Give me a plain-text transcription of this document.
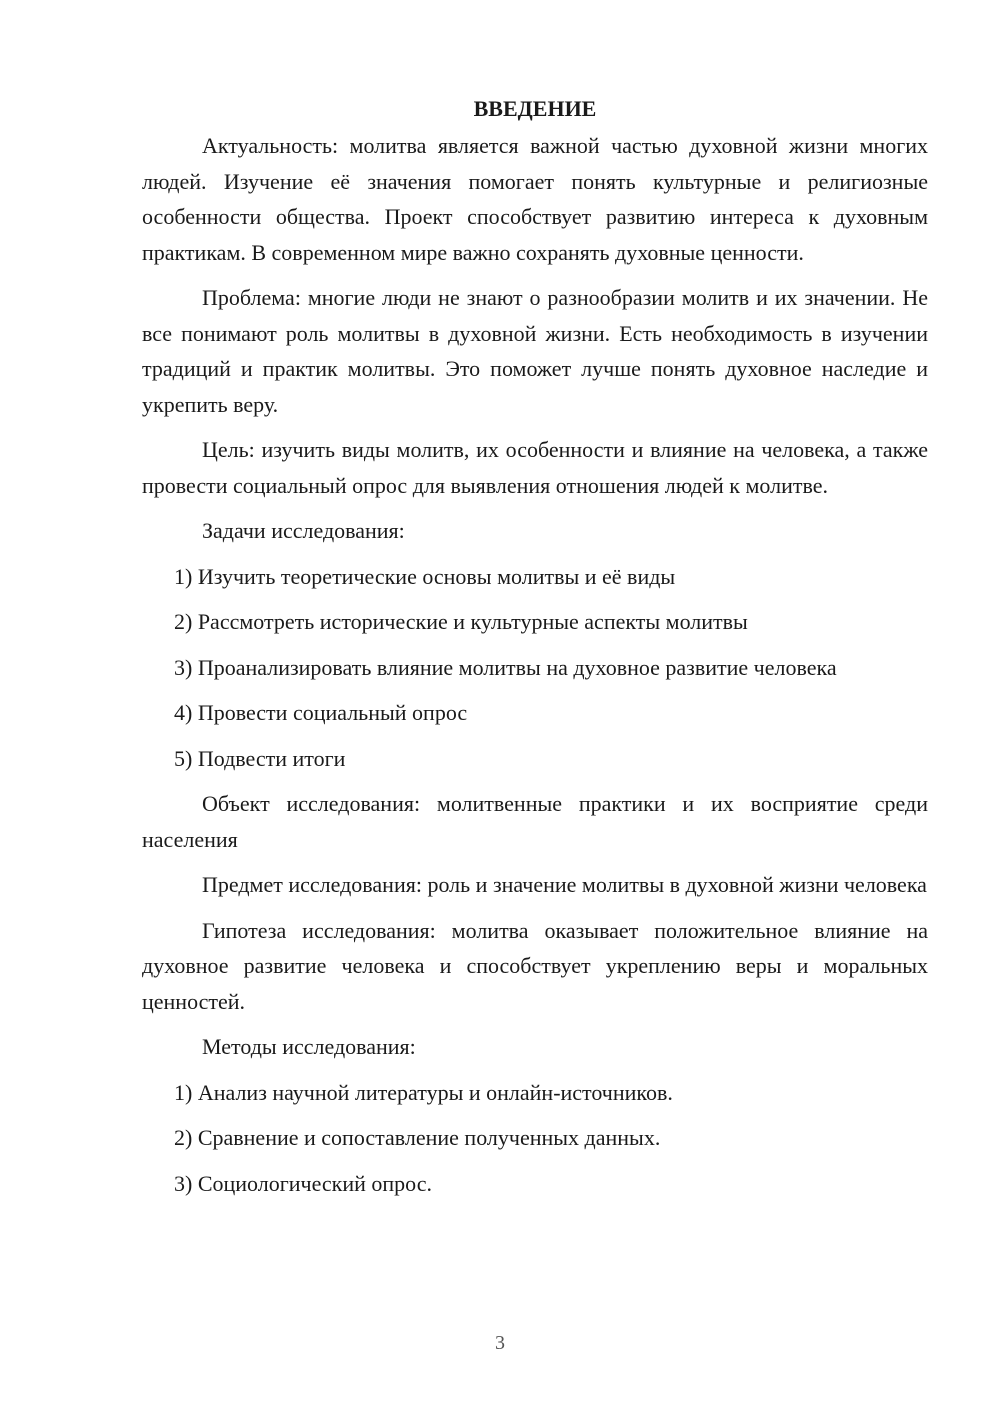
ВВЕДЕНИЕ

Актуальность: молитва является важной частью духовной жизни многих людей. Изучение её значения помогает понять культурные и религиозные особенности общества. Проект способствует развитию интереса к духовным практикам. В современном мире важно сохранять духовные ценности.

Проблема: многие люди не знают о разнообразии молитв и их значении. Не все понимают роль молитвы в духовной жизни. Есть необходимость в изучении традиций и практик молитвы. Это поможет лучше понять духовное наследие и укрепить веру.

Цель: изучить виды молитв, их особенности и влияние на человека, а также провести социальный опрос для выявления отношения людей к молитве.

Задачи исследования:

1) Изучить теоретические основы молитвы и её виды
2) Рассмотреть исторические и культурные аспекты молитвы
3) Проанализировать влияние молитвы на духовное развитие человека
4) Провести социальный опрос
5) Подвести итоги

Объект исследования: молитвенные практики и их восприятие среди населения

Предмет исследования: роль и значение молитвы в духовной жизни человека

Гипотеза исследования: молитва оказывает положительное влияние на духовное развитие человека и способствует укреплению веры и моральных ценностей.

Методы исследования:

1) Анализ научной литературы и онлайн-источников.
2) Сравнение и сопоставление полученных данных.
3) Социологический опрос.
3
